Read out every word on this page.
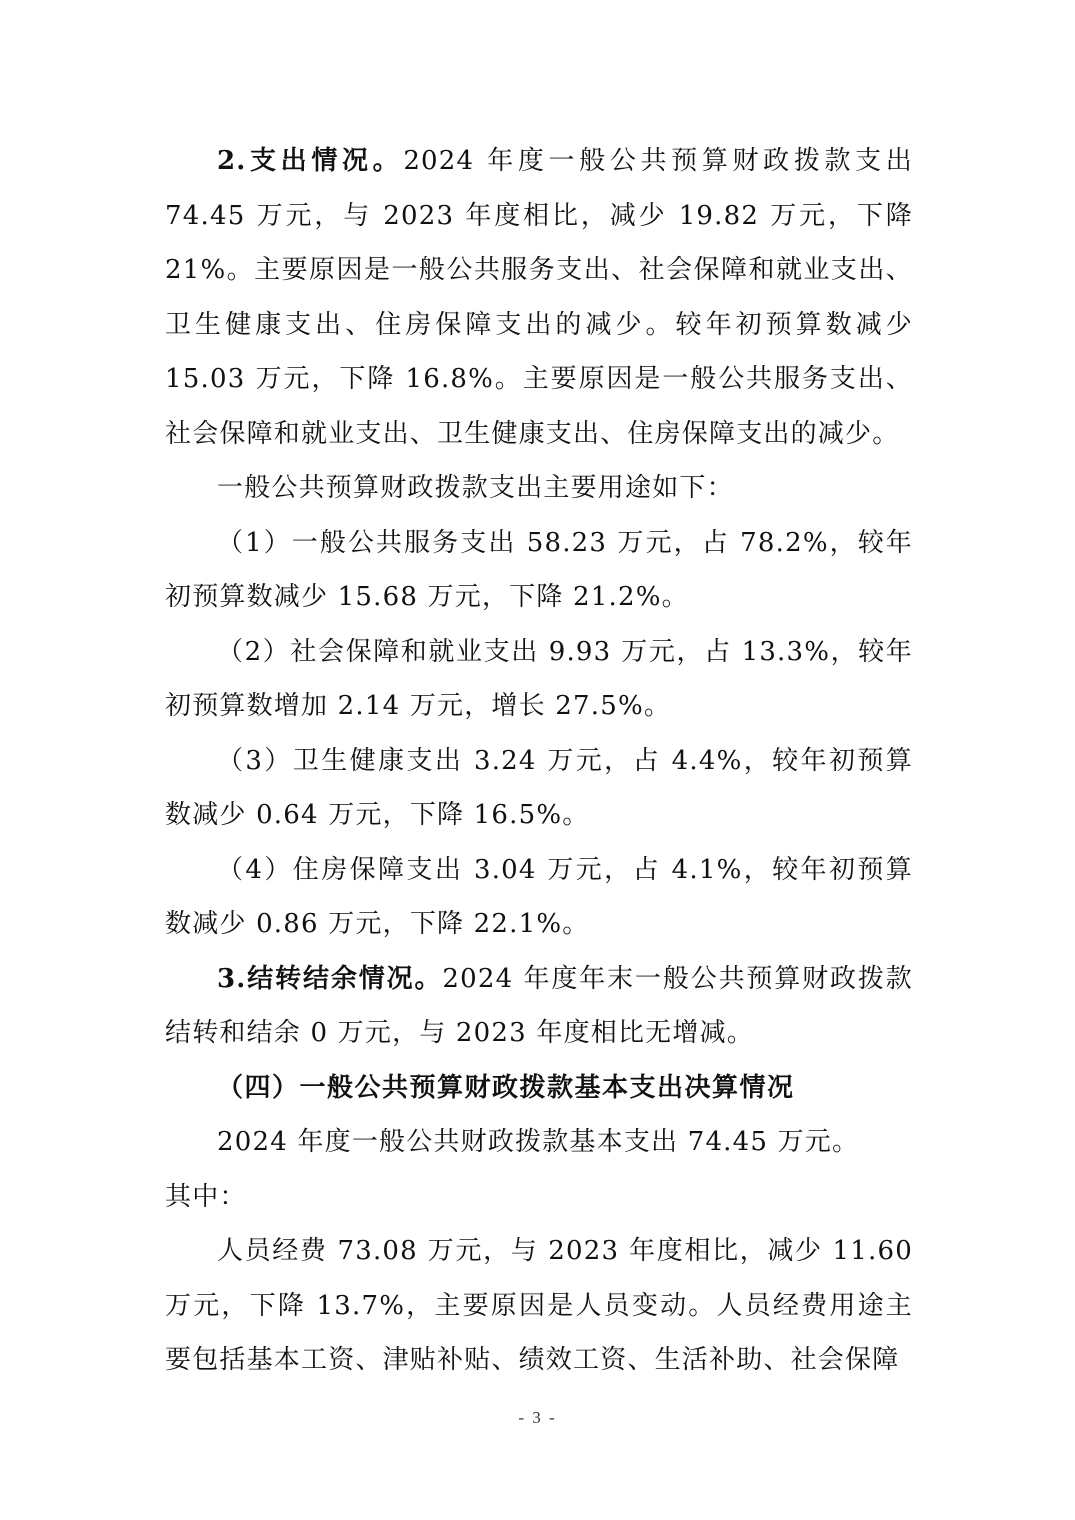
2.支出情况。2024 年度一般公共预算财政拨款支出 74.45 万元，与 2023 年度相比，减少 19.82 万元，下降 21%。主要原因是一般公共服务支出、社会保障和就业支出、卫生健康支出、住房保障支出的减少。较年初预算数减少 15.03 万元，下降 16.8%。主要原因是一般公共服务支出、社会保障和就业支出、卫生健康支出、住房保障支出的减少。

一般公共预算财政拨款支出主要用途如下：

（1）一般公共服务支出 58.23 万元，占 78.2%，较年初预算数减少 15.68 万元，下降 21.2%。

（2）社会保障和就业支出 9.93 万元，占 13.3%，较年初预算数增加 2.14 万元，增长 27.5%。

（3）卫生健康支出 3.24 万元，占 4.4%，较年初预算数减少 0.64 万元，下降 16.5%。

（4）住房保障支出 3.04 万元，占 4.1%，较年初预算数减少 0.86 万元，下降 22.1%。

3.结转结余情况。2024 年度年末一般公共预算财政拨款结转和结余 0 万元，与 2023 年度相比无增减。

（四）一般公共预算财政拨款基本支出决算情况

2024 年度一般公共财政拨款基本支出 74.45 万元。

其中：

人员经费 73.08 万元，与 2023 年度相比，减少 11.60 万元，下降 13.7%，主要原因是人员变动。人员经费用途主要包括基本工资、津贴补贴、绩效工资、生活补助、社会保障

- 3 -
